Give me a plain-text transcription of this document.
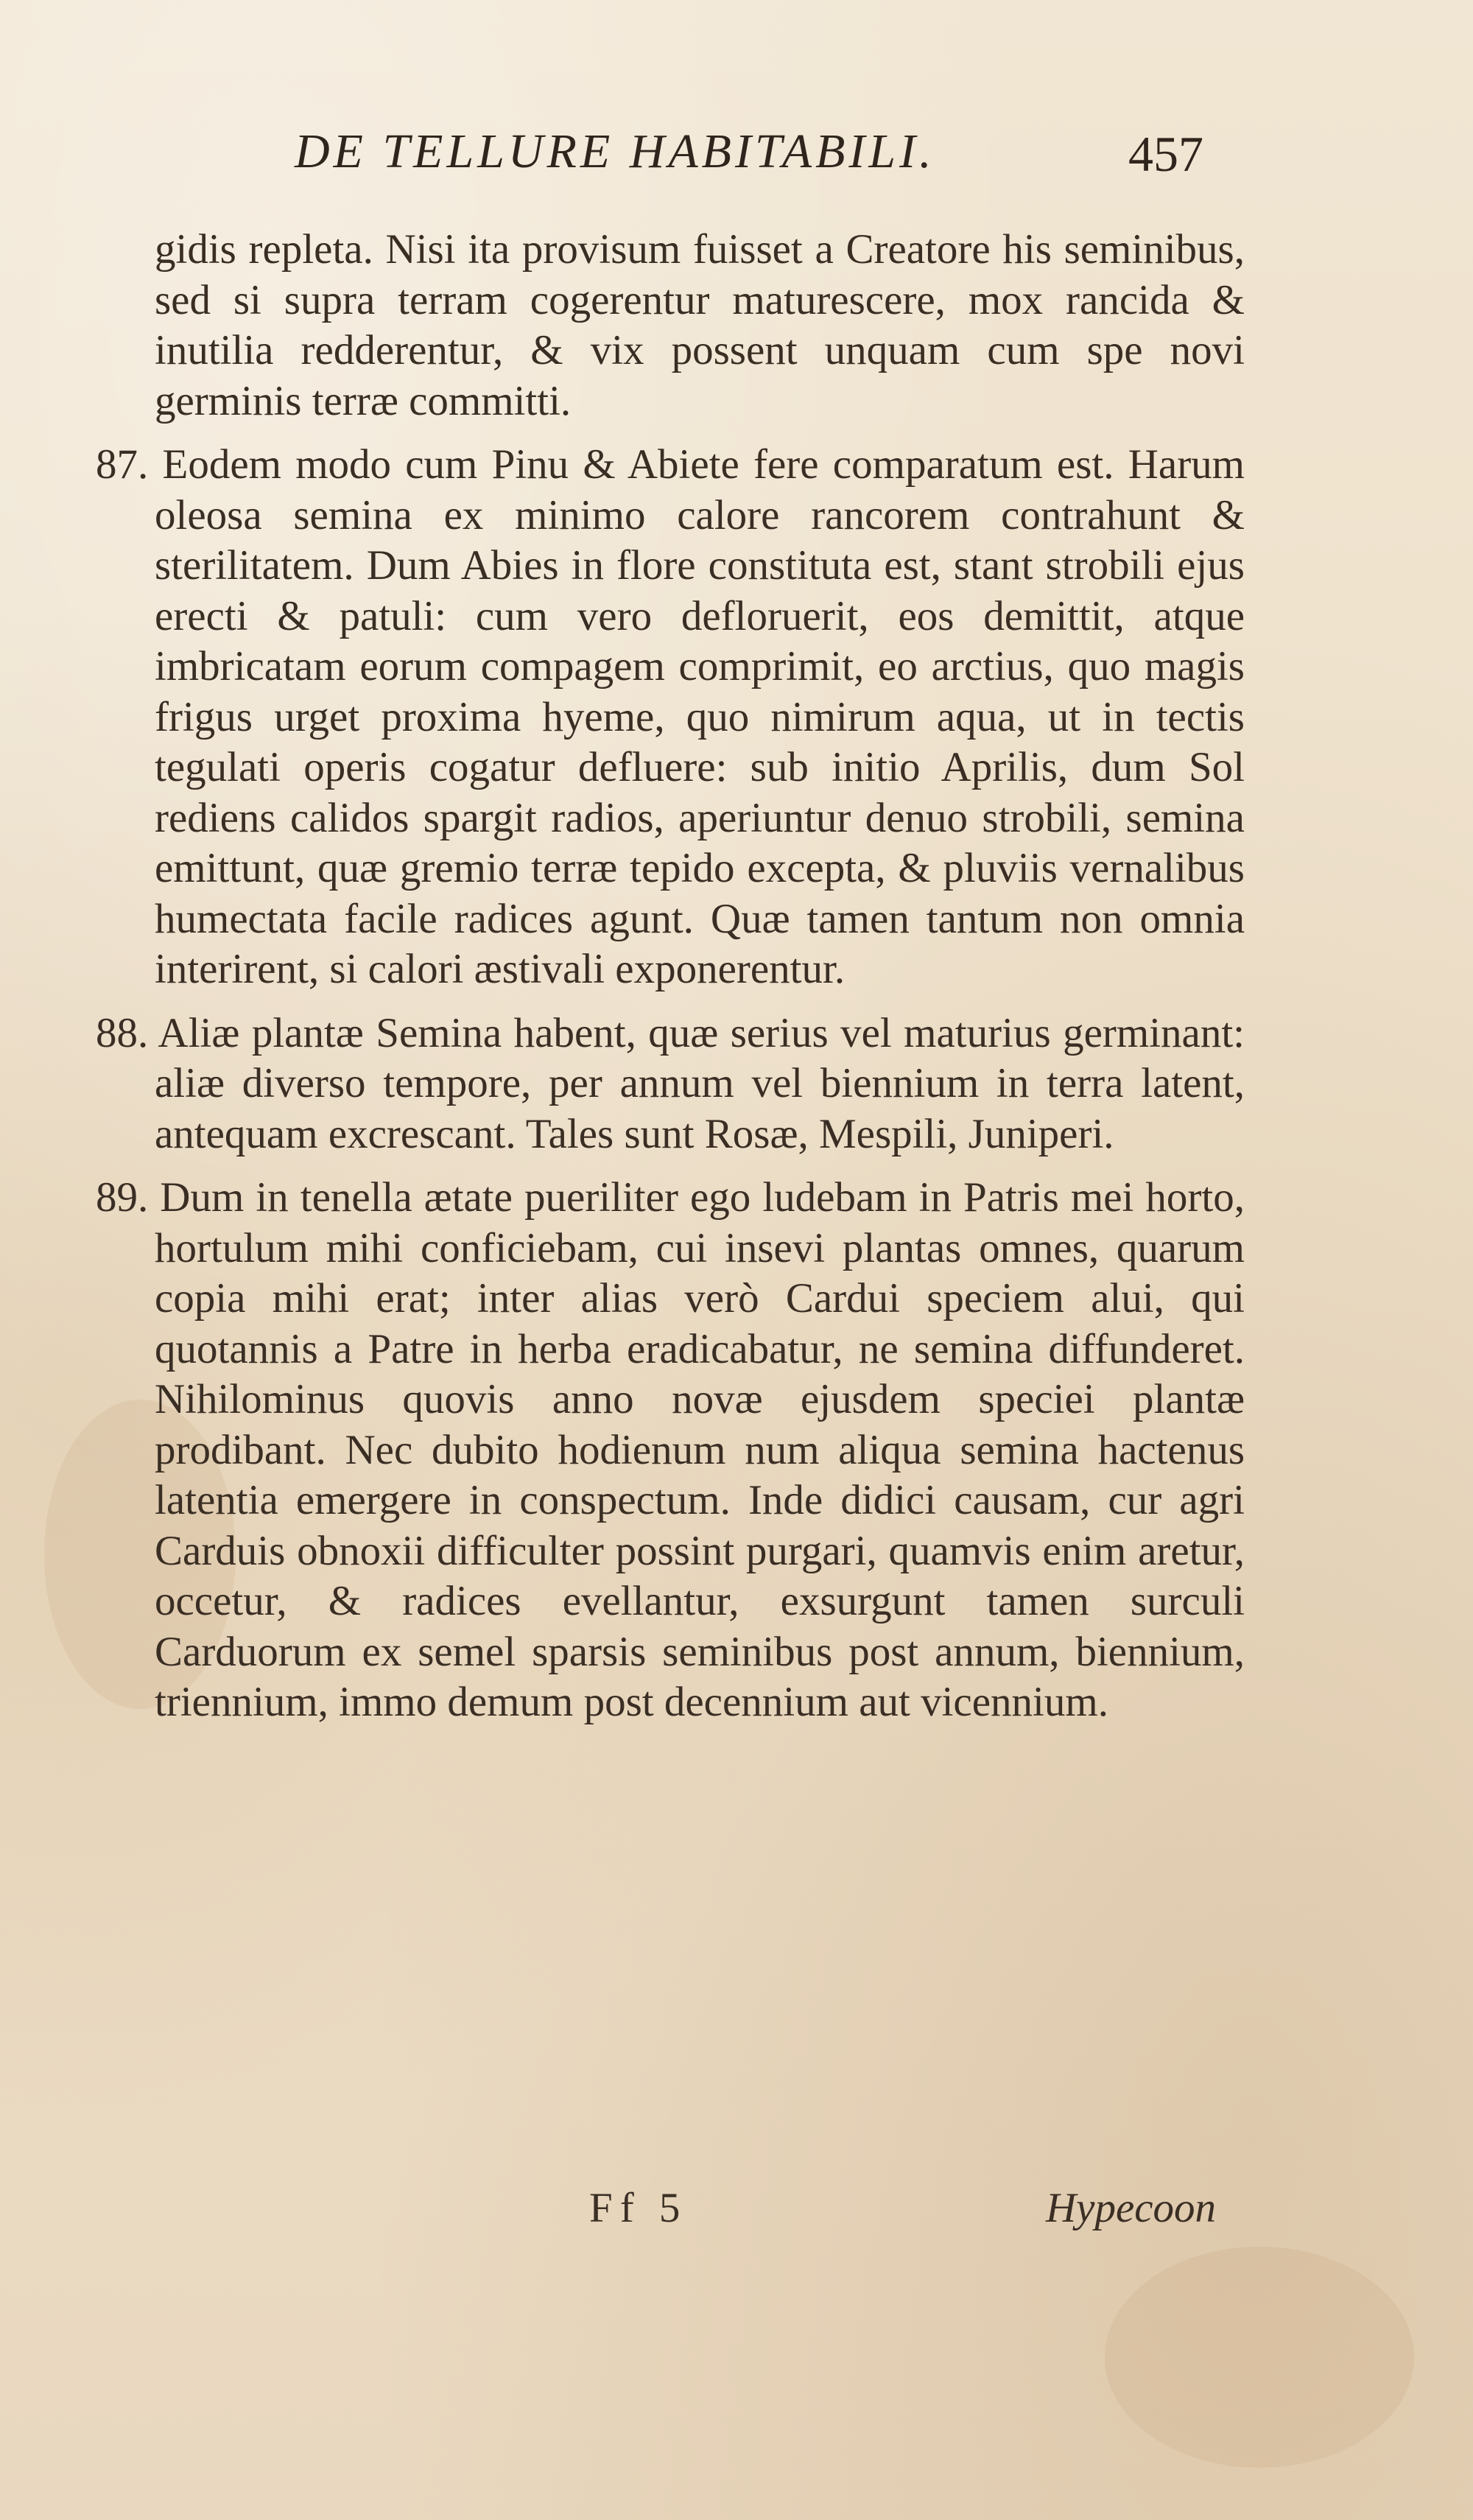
DE TELLURE HABITABILI.	457

gidis repleta. Nisi ita provisum fuisset a Creatore his seminibus, sed si supra terram cogerentur maturescere, mox rancida & inutilia redderentur, & vix possent unquam cum spe novi germinis terræ committi.

87. Eodem modo cum Pinu & Abiete fere comparatum est. Harum oleosa semina ex minimo calore rancorem contrahunt & sterilitatem. Dum Abies in flore constituta est, stant strobili ejus erecti & patuli: cum vero defloruerit, eos demittit, atque imbricatam eorum compagem comprimit, eo arctius, quo magis frigus urget proxima hyeme, quo nimirum aqua, ut in tectis tegulati operis cogatur defluere: sub initio Aprilis, dum Sol rediens calidos spargit radios, aperiuntur denuo strobili, semina emittunt, quæ gremio terræ tepido excepta, & pluviis vernalibus humectata facile radices agunt. Quæ tamen tantum non omnia interirent, si calori æstivali exponerentur.

88. Aliæ plantæ Semina habent, quæ serius vel maturius germinant: aliæ diverso tempore, per annum vel biennium in terra latent, antequam excrescant. Tales sunt Rosæ, Mespili, Juniperi.

89. Dum in tenella ætate pueriliter ego ludebam in Patris mei horto, hortulum mihi conficiebam, cui insevi plantas omnes, quarum copia mihi erat; inter alias verò Cardui speciem alui, qui quotannis a Patre in herba eradicabatur, ne semina diffunderet. Nihilominus quovis anno novæ ejusdem speciei plantæ prodibant. Nec dubito hodienum num aliqua semina hactenus latentia emergere in conspectum. Inde didici causam, cur agri Carduis obnoxii difficulter possint purgari, quamvis enim aretur, occetur, & radices evellantur, exsurgunt tamen surculi Carduorum ex semel sparsis seminibus post annum, biennium, triennium, immo demum post decennium aut vicennium.

Ff 5	Hypecoon
